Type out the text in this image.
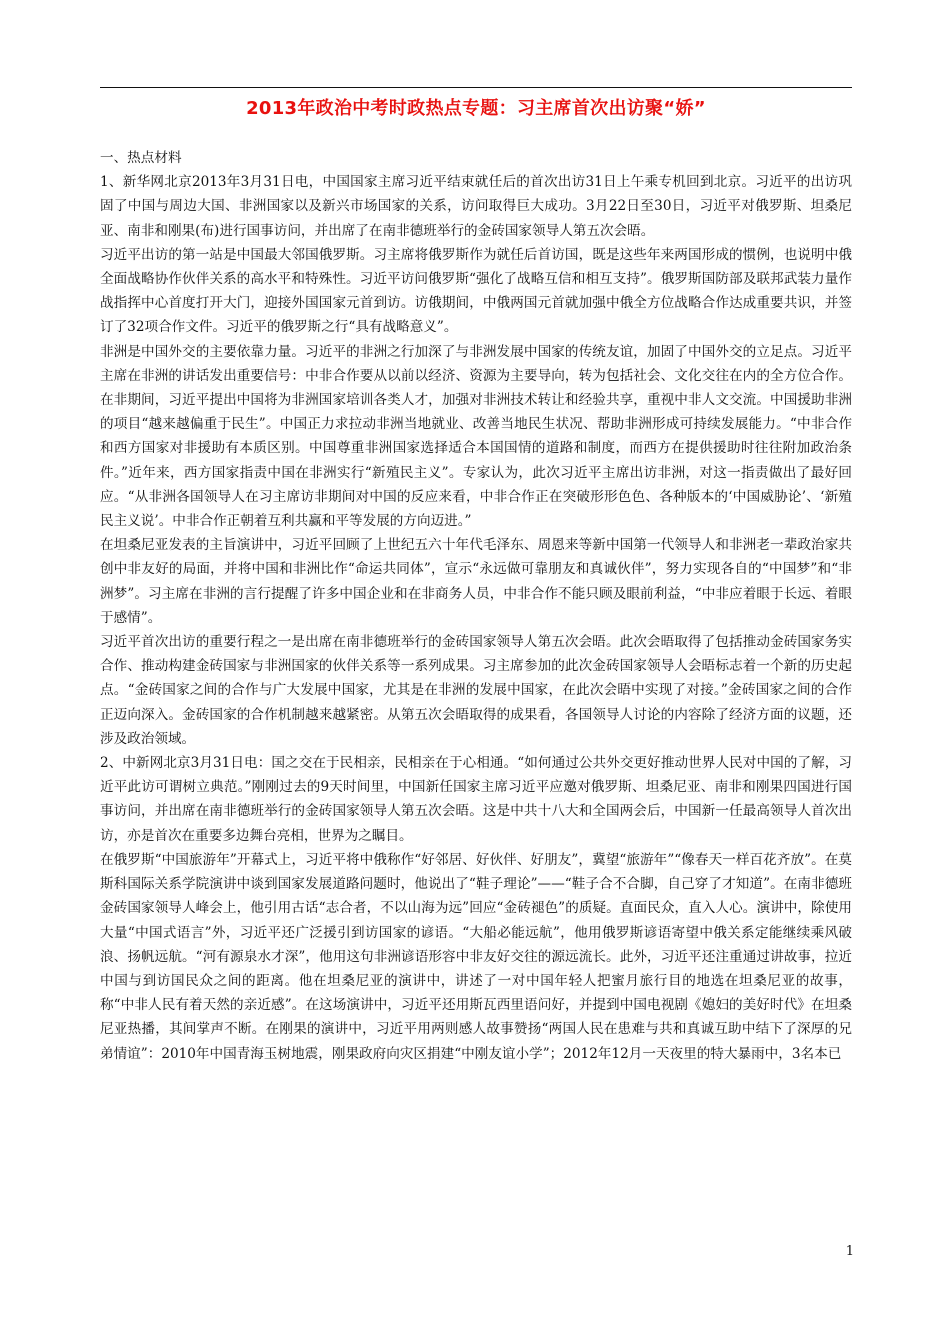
2013年政治中考时政热点专题：习主席首次出访聚“娇”

一、热点材料

1、新华网北京2013年3月31日电，中国国家主席习近平结束就任后的首次出访31日上午乘专机回到北京。习近平的出访巩固了中国与周边大国、非洲国家以及新兴市场国家的关系，访问取得巨大成功。3月22日至30日，习近平对俄罗斯、坦桑尼亚、南非和刚果(布)进行国事访问，并出席了在南非德班举行的金砖国家领导人第五次会晤。

习近平出访的第一站是中国最大邻国俄罗斯。习主席将俄罗斯作为就任后首访国，既是这些年来两国形成的惯例，也说明中俄全面战略协作伙伴关系的高水平和特殊性。习近平访问俄罗斯“强化了战略互信和相互支持”。俄罗斯国防部及联邦武装力量作战指挥中心首度打开大门，迎接外国国家元首到访。访俄期间，中俄两国元首就加强中俄全方位战略合作达成重要共识，并签订了32项合作文件。习近平的俄罗斯之行“具有战略意义”。

非洲是中国外交的主要依靠力量。习近平的非洲之行加深了与非洲发展中国家的传统友谊，加固了中国外交的立足点。习近平主席在非洲的讲话发出重要信号：中非合作要从以前以经济、资源为主要导向，转为包括社会、文化交往在内的全方位合作。在非期间，习近平提出中国将为非洲国家培训各类人才，加强对非洲技术转让和经验共享，重视中非人文交流。中国援助非洲的项目“越来越偏重于民生”。中国正力求拉动非洲当地就业、改善当地民生状况、帮助非洲形成可持续发展能力。“中非合作和西方国家对非援助有本质区别。中国尊重非洲国家选择适合本国国情的道路和制度，而西方在提供援助时往往附加政治条件。”近年来，西方国家指责中国在非洲实行“新殖民主义”。专家认为，此次习近平主席出访非洲，对这一指责做出了最好回应。“从非洲各国领导人在习主席访非期间对中国的反应来看，中非合作正在突破形形色色、各种版本的‘中国威胁论’、‘新殖民主义说’。中非合作正朝着互利共赢和平等发展的方向迈进。”

在坦桑尼亚发表的主旨演讲中，习近平回顾了上世纪五六十年代毛泽东、周恩来等新中国第一代领导人和非洲老一辈政治家共创中非友好的局面，并将中国和非洲比作“命运共同体”，宣示“永远做可靠朋友和真诚伙伴”，努力实现各自的“中国梦”和“非洲梦”。习主席在非洲的言行提醒了许多中国企业和在非商务人员，中非合作不能只顾及眼前利益，“中非应着眼于长远、着眼于感情”。

习近平首次出访的重要行程之一是出席在南非德班举行的金砖国家领导人第五次会晤。此次会晤取得了包括推动金砖国家务实合作、推动构建金砖国家与非洲国家的伙伴关系等一系列成果。习主席参加的此次金砖国家领导人会晤标志着一个新的历史起点。“金砖国家之间的合作与广大发展中国家，尤其是在非洲的发展中国家，在此次会晤中实现了对接。”金砖国家之间的合作正迈向深入。金砖国家的合作机制越来越紧密。从第五次会晤取得的成果看，各国领导人讨论的内容除了经济方面的议题，还涉及政治领域。

2、中新网北京3月31日电：国之交在于民相亲，民相亲在于心相通。“如何通过公共外交更好推动世界人民对中国的了解，习近平此访可谓树立典范。”刚刚过去的9天时间里，中国新任国家主席习近平应邀对俄罗斯、坦桑尼亚、南非和刚果四国进行国事访问，并出席在南非德班举行的金砖国家领导人第五次会晤。这是中共十八大和全国两会后，中国新一任最高领导人首次出访，亦是首次在重要多边舞台亮相，世界为之瞩目。

在俄罗斯“中国旅游年”开幕式上，习近平将中俄称作“好邻居、好伙伴、好朋友”，冀望“旅游年”“像春天一样百花齐放”。在莫斯科国际关系学院演讲中谈到国家发展道路问题时，他说出了“鞋子理论”——“鞋子合不合脚，自己穿了才知道”。在南非德班金砖国家领导人峰会上，他引用古话“志合者，不以山海为远”回应“金砖褪色”的质疑。直面民众，直入人心。演讲中，除使用大量“中国式语言”外，习近平还广泛援引到访国家的谚语。“大船必能远航”，他用俄罗斯谚语寄望中俄关系定能继续乘风破浪、扬帆远航。“河有源泉水才深”，他用这句非洲谚语形容中非友好交往的源远流长。此外，习近平还注重通过讲故事，拉近中国与到访国民众之间的距离。他在坦桑尼亚的演讲中，讲述了一对中国年轻人把蜜月旅行目的地选在坦桑尼亚的故事，称“中非人民有着天然的亲近感”。在这场演讲中，习近平还用斯瓦西里语问好，并提到中国电视剧《媳妇的美好时代》在坦桑尼亚热播，其间掌声不断。在刚果的演讲中，习近平用两则感人故事赞扬“两国人民在患难与共和真诚互助中结下了深厚的兄弟情谊”：2010年中国青海玉树地震，刚果政府向灾区捐建“中刚友谊小学”；2012年12月一天夜里的特大暴雨中，3名本已

1
